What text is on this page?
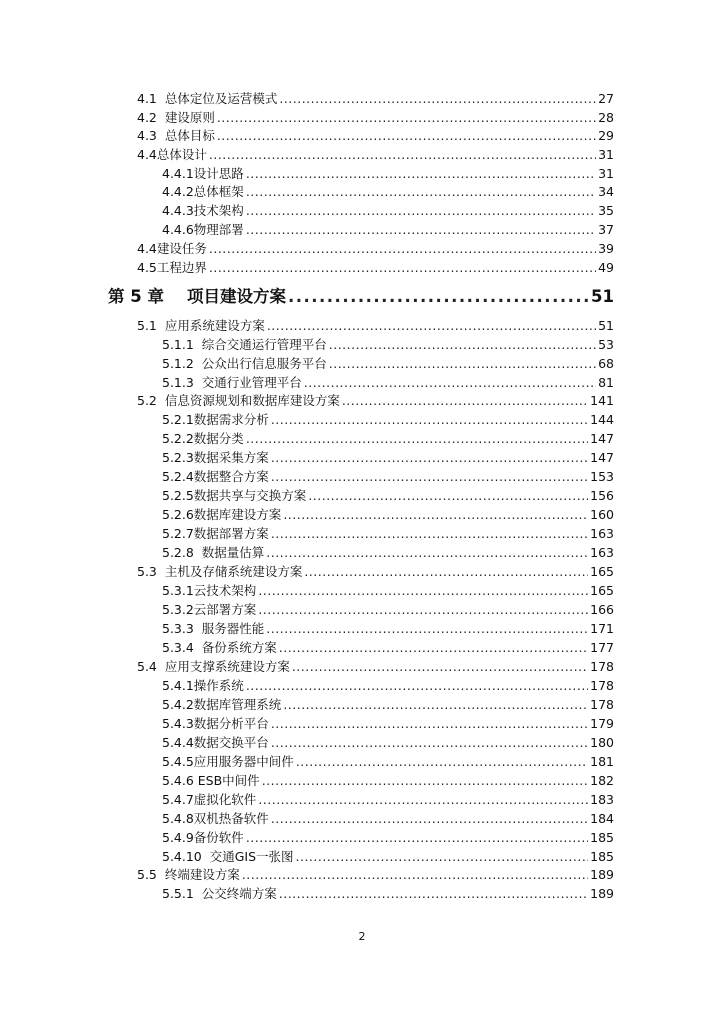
4.1  总体定位及运营模式 .....	27
4.2  建设原则 .....	28
4.3  总体目标 .....	29
4.4总体设计 .....	31
4.4.1设计思路 .....	31
4.4.2总体框架 .....	34
4.4.3技术架构 .....	35
4.4.6物理部署 .....	37
4.4建设任务 .....	39
4.5工程边界 .....	49
第 5 章    项目建设方案 .....	51
5.1  应用系统建设方案 .....	51
5.1.1  综合交通运行管理平台 .....	53
5.1.2  公众出行信息服务平台 .....	68
5.1.3  交通行业管理平台 .....	81
5.2  信息资源规划和数据库建设方案 .....	141
5.2.1数据需求分析 .....	144
5.2.2数据分类 .....	147
5.2.3数据采集方案 .....	147
5.2.4数据整合方案 .....	153
5.2.5数据共享与交换方案 .....	156
5.2.6数据库建设方案 .....	160
5.2.7数据部署方案 .....	163
5.2.8  数据量估算 .....	163
5.3  主机及存储系统建设方案 .....	165
5.3.1云技术架构 .....	165
5.3.2云部署方案 .....	166
5.3.3  服务器性能 .....	171
5.3.4  备份系统方案 .....	177
5.4  应用支撑系统建设方案 .....	178
5.4.1操作系统 .....	178
5.4.2数据库管理系统 .....	178
5.4.3数据分析平台 .....	179
5.4.4数据交换平台 .....	180
5.4.5应用服务器中间件 .....	181
5.4.6 ESB中间件 .....	182
5.4.7虚拟化软件 .....	183
5.4.8双机热备软件 .....	184
5.4.9备份软件 .....	185
5.4.10  交通GIS一张图 .....	185
5.5  终端建设方案 .....	189
5.5.1  公交终端方案 .....	189
2
